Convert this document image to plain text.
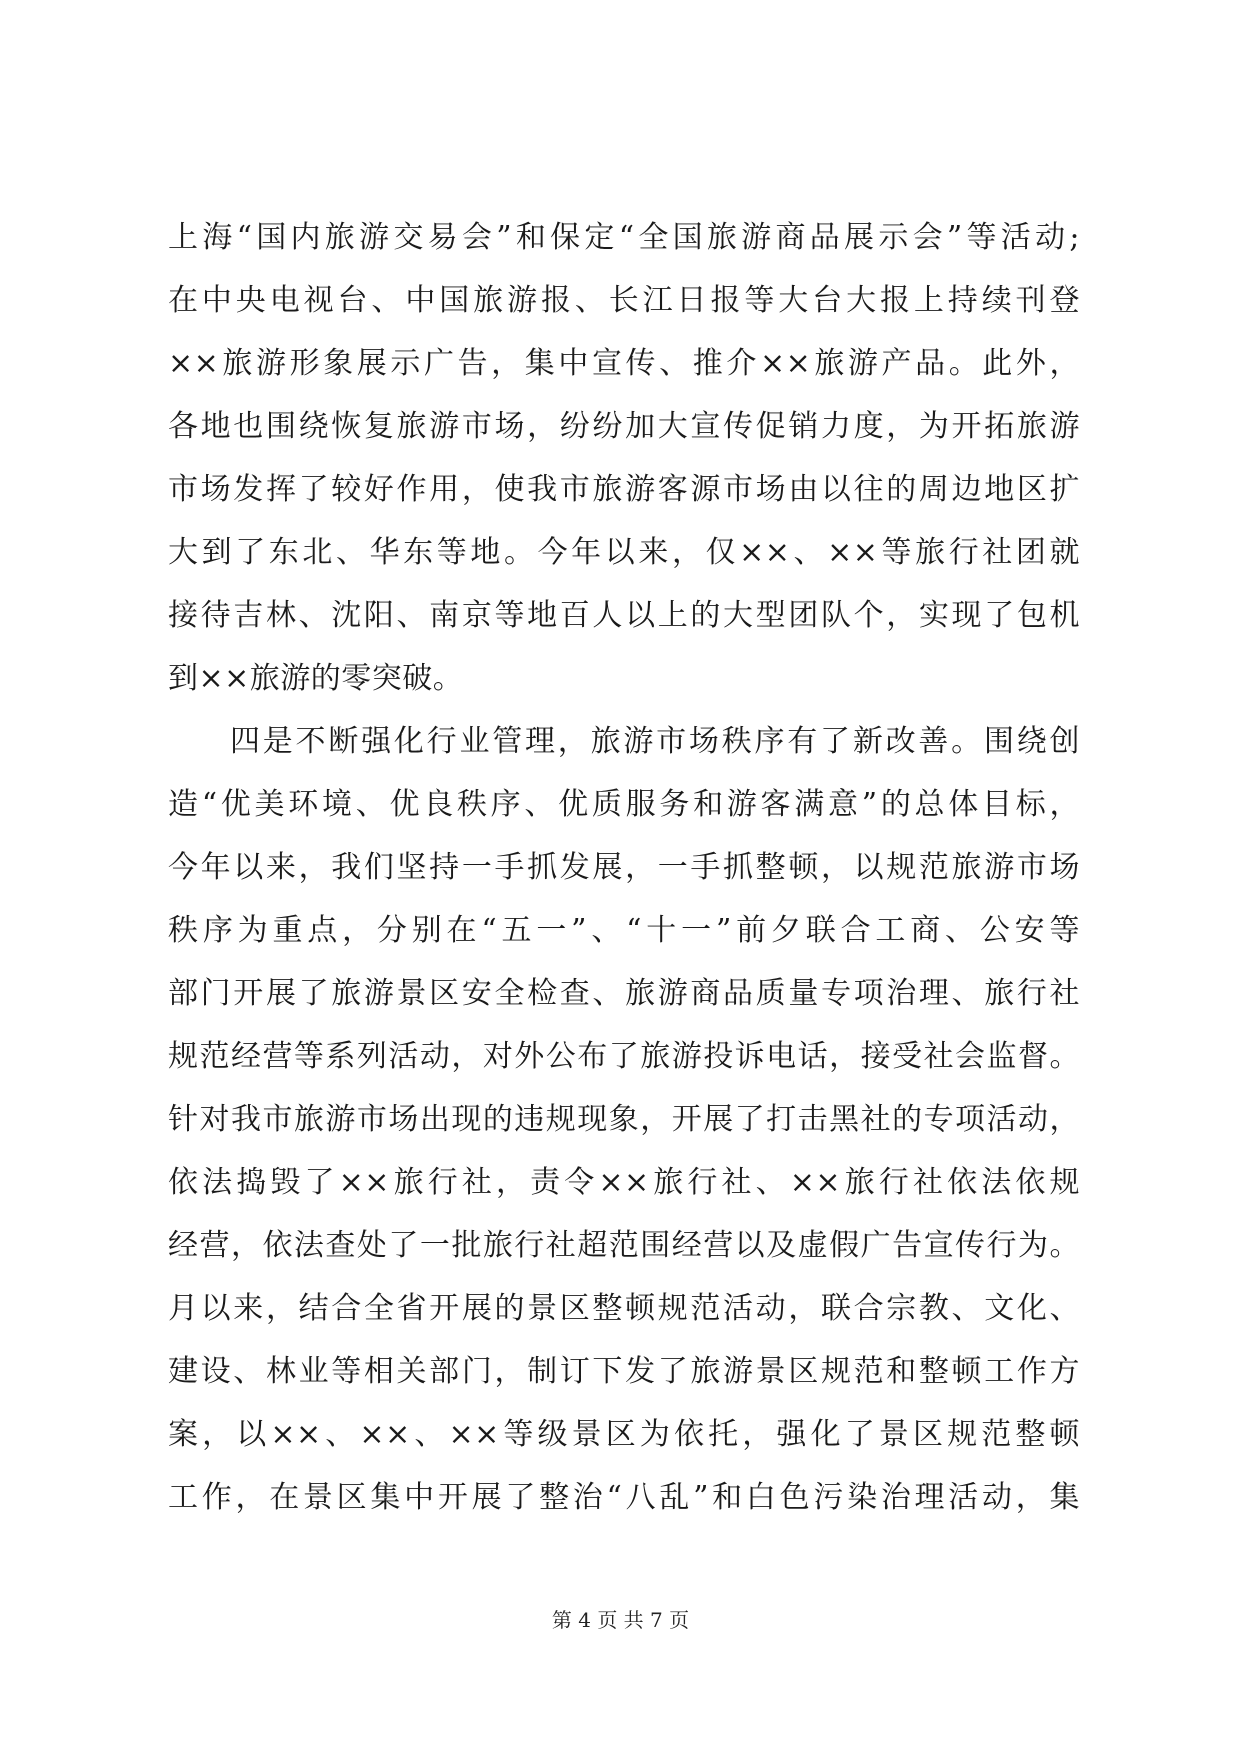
上海“国内旅游交易会”和保定“全国旅游商品展示会”等活动;
在中央电视台、中国旅游报、长江日报等大台大报上持续刊登
××旅游形象展示广告，集中宣传、推介××旅游产品。此外，
各地也围绕恢复旅游市场，纷纷加大宣传促销力度，为开拓旅游
市场发挥了较好作用，使我市旅游客源市场由以往的周边地区扩
大到了东北、华东等地。今年以来，仅××、××等旅行社团就
接待吉林、沈阳、南京等地百人以上的大型团队个，实现了包机
到××旅游的零突破。
四是不断强化行业管理，旅游市场秩序有了新改善。围绕创
造“优美环境、优良秩序、优质服务和游客满意”的总体目标，
今年以来，我们坚持一手抓发展，一手抓整顿，以规范旅游市场
秩序为重点，分别在“五一”、“十一”前夕联合工商、公安等
部门开展了旅游景区安全检查、旅游商品质量专项治理、旅行社
规范经营等系列活动，对外公布了旅游投诉电话，接受社会监督。
针对我市旅游市场出现的违规现象，开展了打击黑社的专项活动，
依法捣毁了××旅行社，责令××旅行社、××旅行社依法依规
经营，依法查处了一批旅行社超范围经营以及虚假广告宣传行为。
月以来，结合全省开展的景区整顿规范活动，联合宗教、文化、
建设、林业等相关部门，制订下发了旅游景区规范和整顿工作方
案，以××、××、××等级景区为依托，强化了景区规范整顿
工作，在景区集中开展了整治“八乱”和白色污染治理活动，集
第 4 页 共 7 页
